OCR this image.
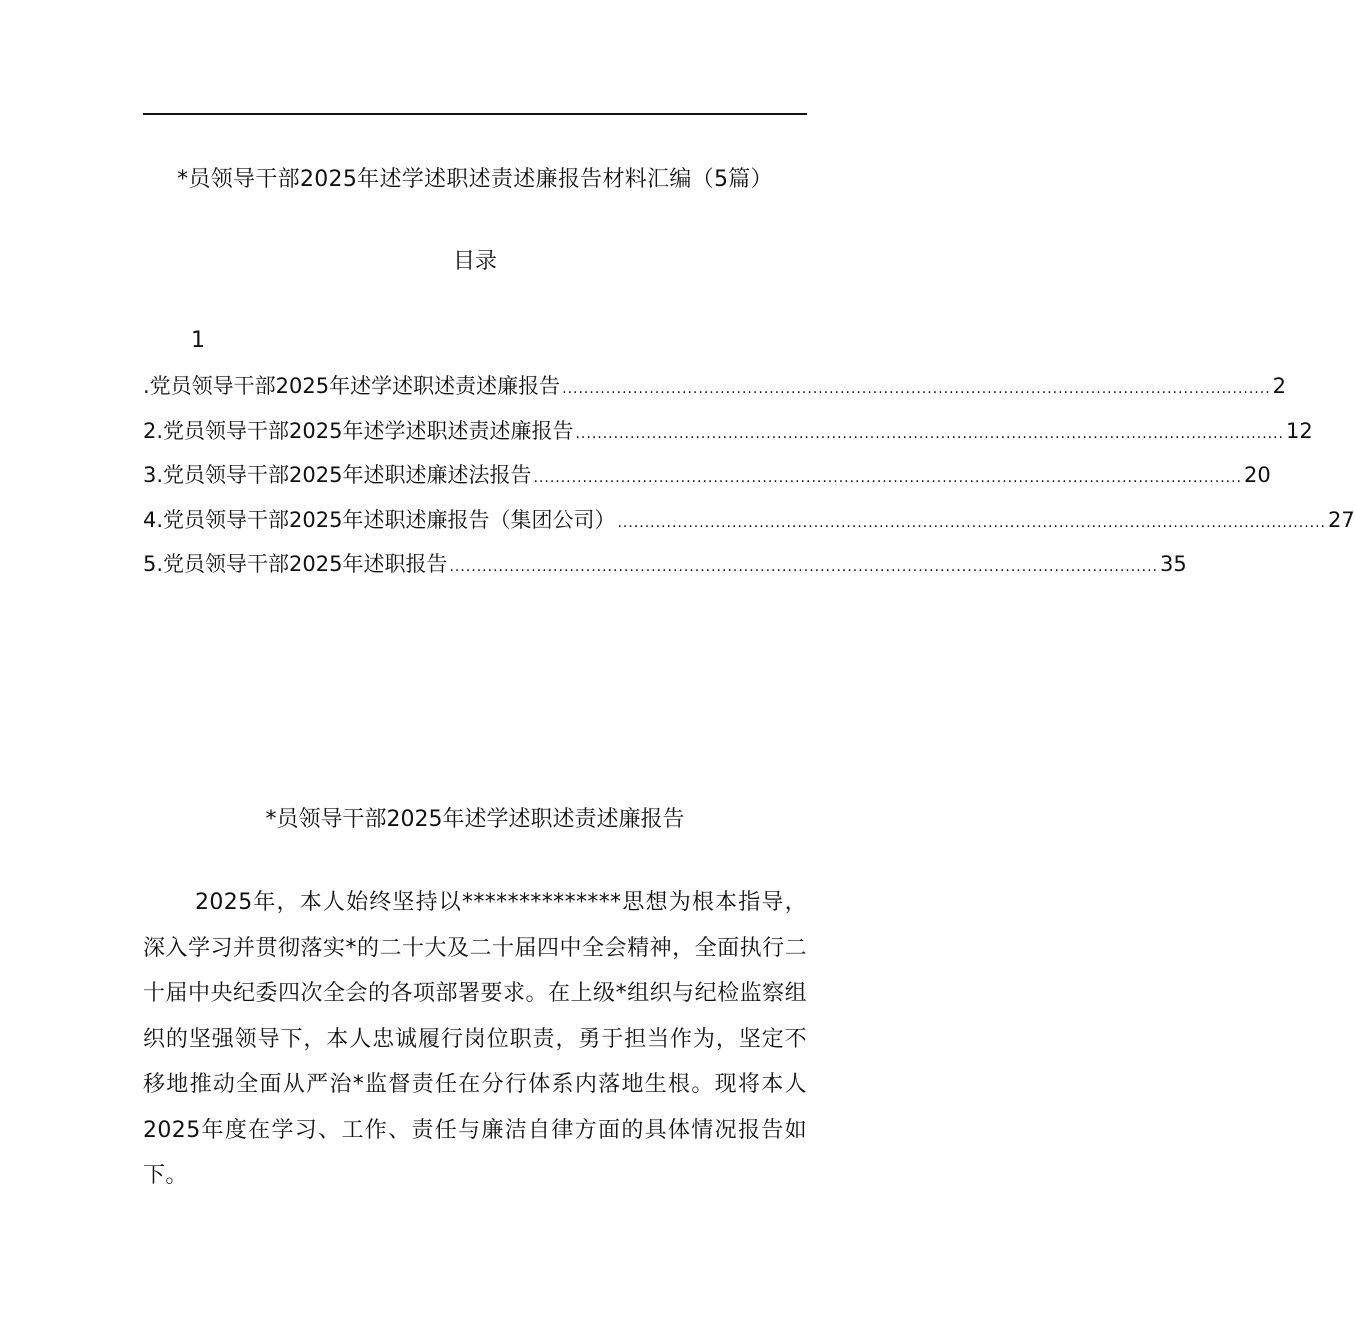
*员领导干部2025年述学述职述责述廉报告材料汇编（5篇）
目录
1
.党员领导干部2025年述学述职述责述廉报告 .................................................................................................................................. 2
2.党员领导干部2025年述学述职述责述廉报告 .................................................................................................................................. 12
3.党员领导干部2025年述职述廉述法报告 .................................................................................................................................. 20
4.党员领导干部2025年述职述廉报告（集团公司） .................................................................................................................................. 27
5.党员领导干部2025年述职报告 .................................................................................................................................. 35
*员领导干部2025年述学述职述责述廉报告
2025年，本人始终坚持以**************思想为根本指导，深入学习并贯彻落实*的二十大及二十届四中全会精神，全面执行二十届中央纪委四次全会的各项部署要求。在上级*组织与纪检监察组织的坚强领导下，本人忠诚履行岗位职责，勇于担当作为，坚定不移地推动全面从严治*监督责任在分行体系内落地生根。现将本人2025年度在学习、工作、责任与廉洁自律方面的具体情况报告如下。
